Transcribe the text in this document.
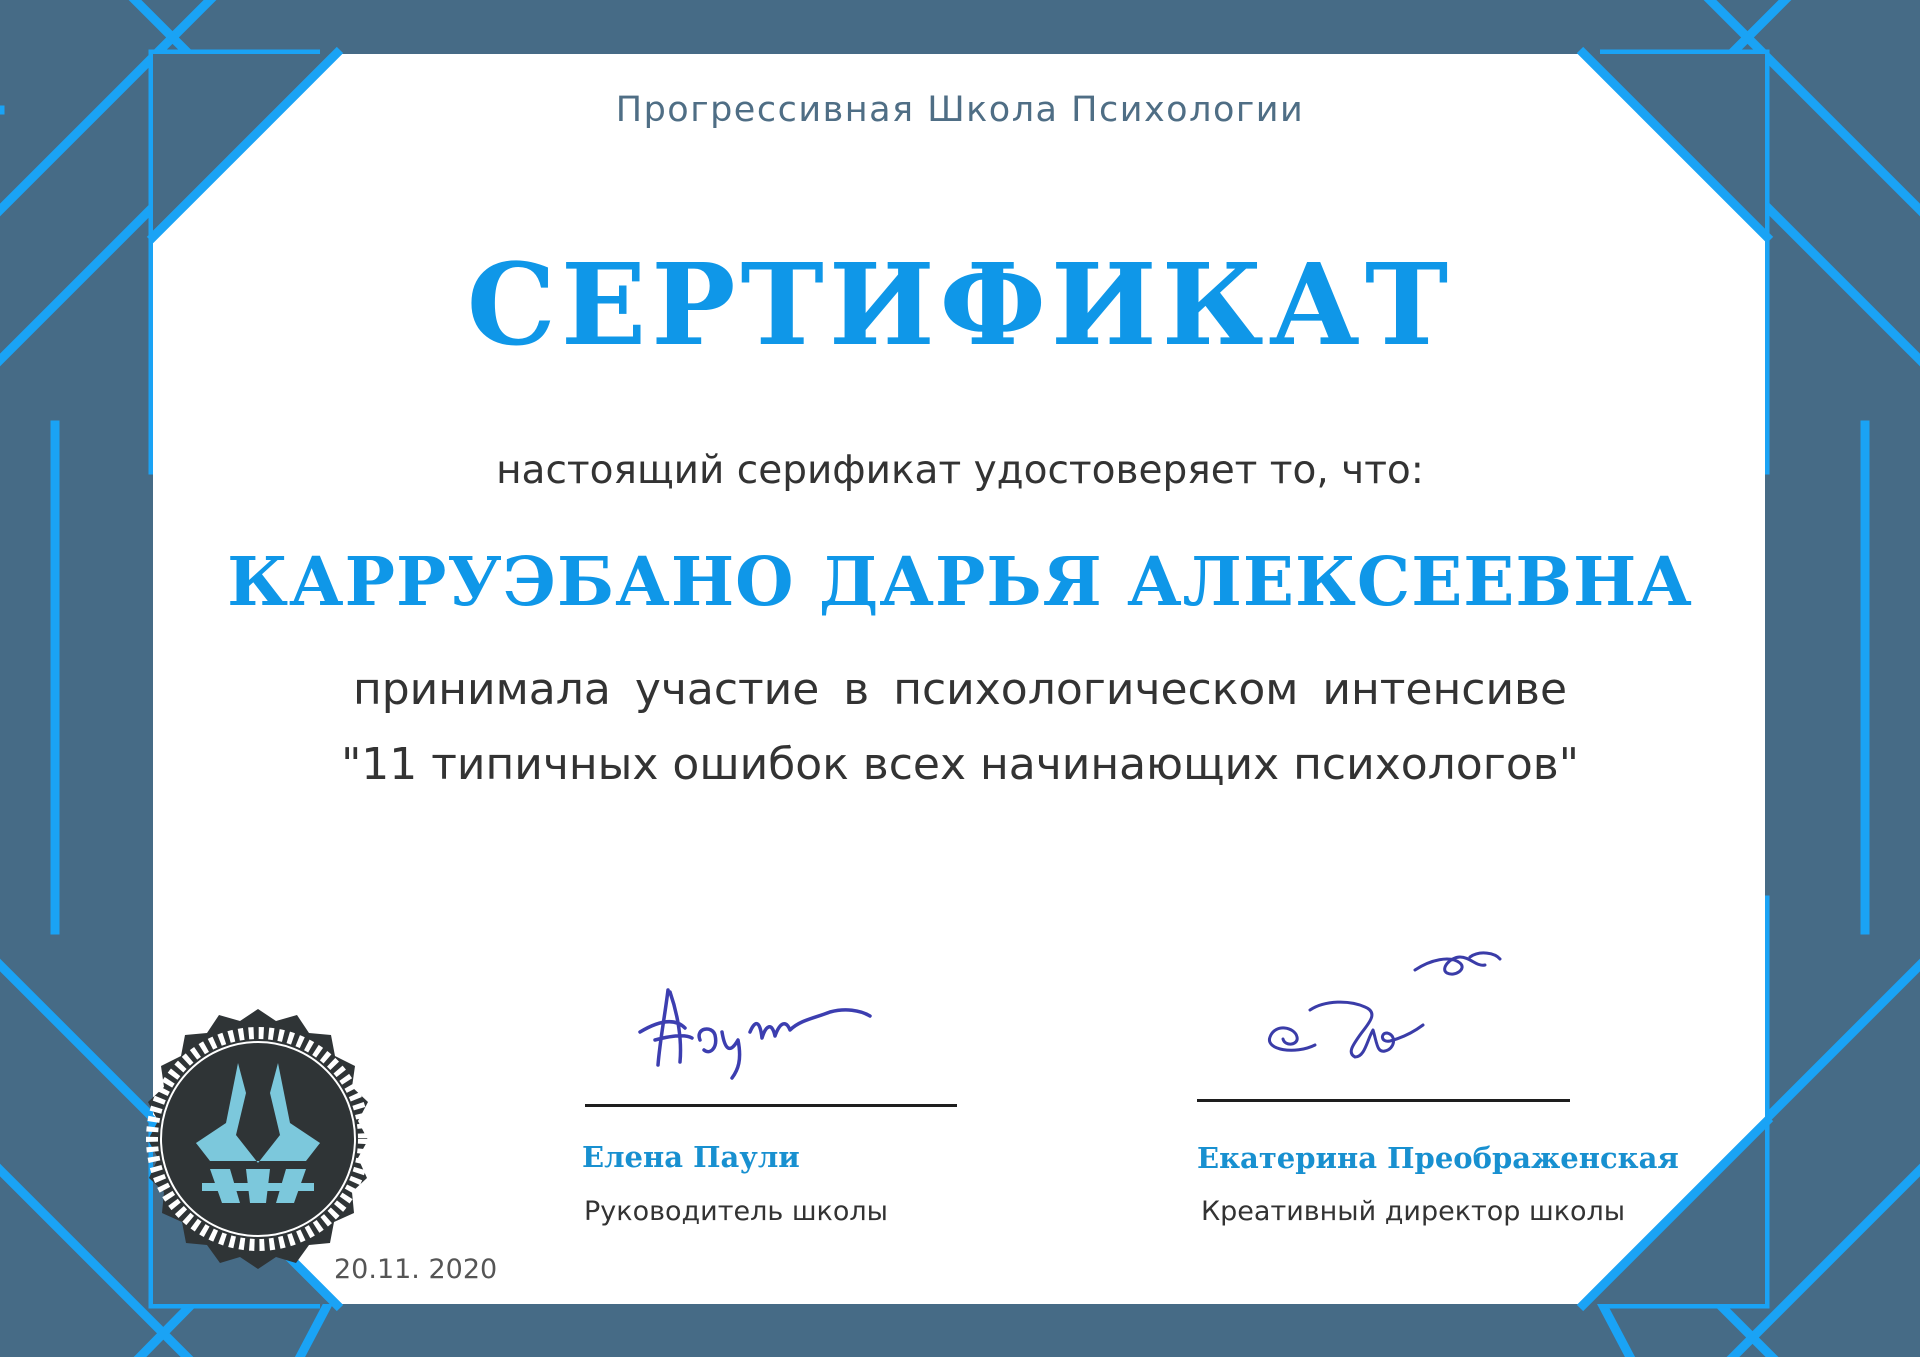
Прогрессивная Школа Психологии

СЕРТИФИКАТ

настоящий серификат удостоверяет то, что:

КАРРУЭБАНО ДАРЬЯ АЛЕКСЕЕВНА

принимала участие в психологическом интенсиве

"11 типичных ошибок всех начинающих психологов"

Елена Паули

Руководитель школы

Екатерина Преображенская

Креативный директор школы

20.11. 2020
